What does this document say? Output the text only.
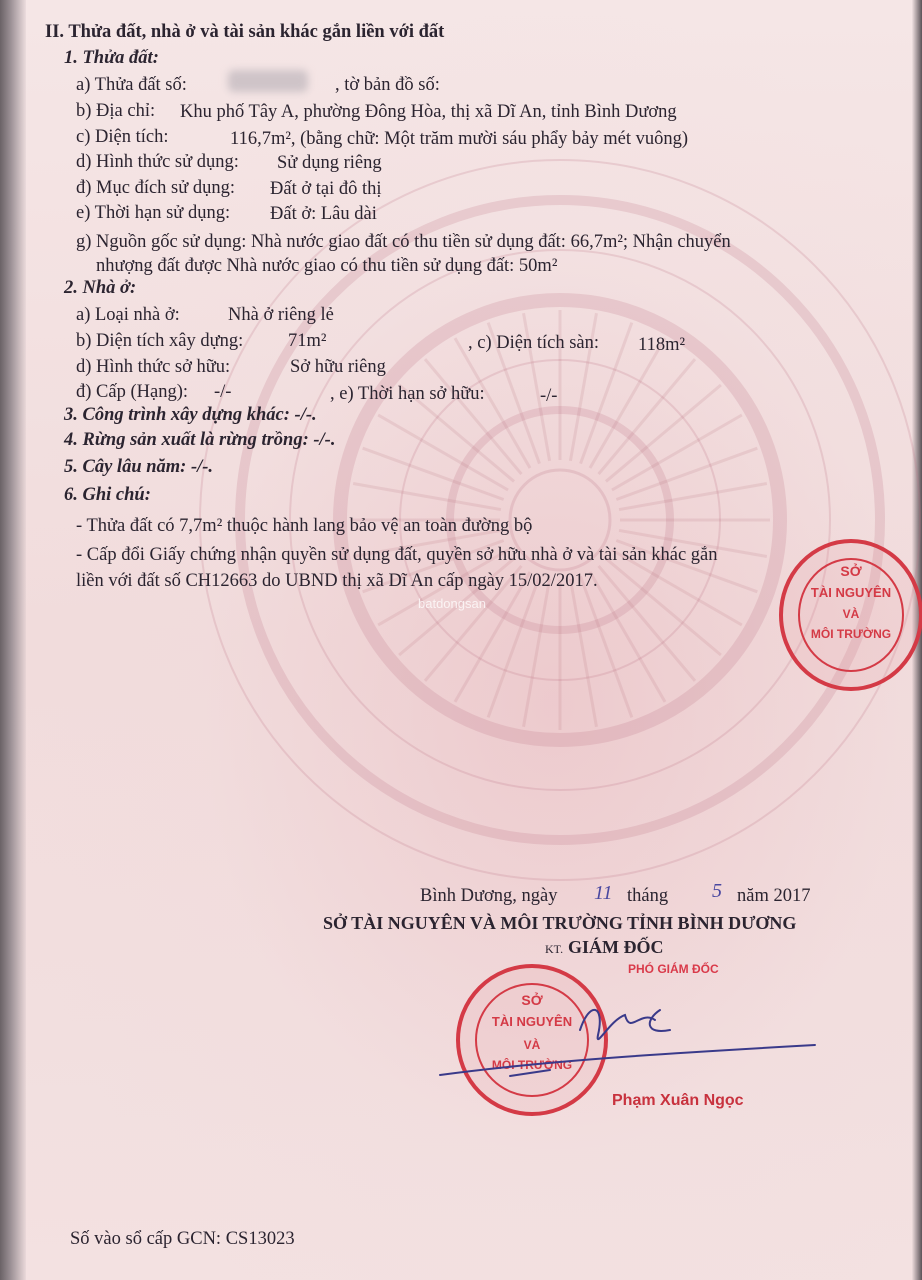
II. Thửa đất, nhà ở và tài sản khác gắn liền với đất
1. Thửa đất:
a) Thửa đất số:	, tờ bản đồ số:
b) Địa chỉ: Khu phố Tây A, phường Đông Hòa, thị xã Dĩ An, tỉnh Bình Dương
c) Diện tích:	116,7m², (bằng chữ: Một trăm mười sáu phẩy bảy mét vuông)
d) Hình thức sử dụng: Sử dụng riêng
đ) Mục đích sử dụng: Đất ở tại đô thị
e) Thời hạn sử dụng: Đất ở: Lâu dài
g) Nguồn gốc sử dụng: Nhà nước giao đất có thu tiền sử dụng đất: 66,7m²; Nhận chuyển
nhượng đất được Nhà nước giao có thu tiền sử dụng đất: 50m²
2. Nhà ở:
a) Loại nhà ở:	Nhà ở riêng lẻ
b) Diện tích xây dựng: 71m²	, c) Diện tích sàn: 118m²
d) Hình thức sở hữu:	Sở hữu riêng
đ) Cấp (Hạng): -/-	, e) Thời hạn sở hữu:	-/-
3. Công trình xây dựng khác: -/-.
4. Rừng sản xuất là rừng trồng: -/-.
5. Cây lâu năm: -/-.
6. Ghi chú:
- Thửa đất có 7,7m² thuộc hành lang bảo vệ an toàn đường bộ
- Cấp đổi Giấy chứng nhận quyền sử dụng đất, quyền sở hữu nhà ở và tài sản khác gắn
liền với đất số CH12663 do UBND thị xã Dĩ An cấp ngày 15/02/2017.
batdongsan
SỞ
TÀI NGUYÊN
VÀ
MÔI TRƯỜNG
Bình Dương, ngày 11 tháng 5 năm 2017
SỞ TÀI NGUYÊN VÀ MÔI TRƯỜNG TỈNH BÌNH DƯƠNG
KT. GIÁM ĐỐC
PHÓ GIÁM ĐỐC
SỞ
TÀI NGUYÊN
VÀ
MÔI TRƯỜNG
Phạm Xuân Ngọc
Số vào sổ cấp GCN: CS13023
